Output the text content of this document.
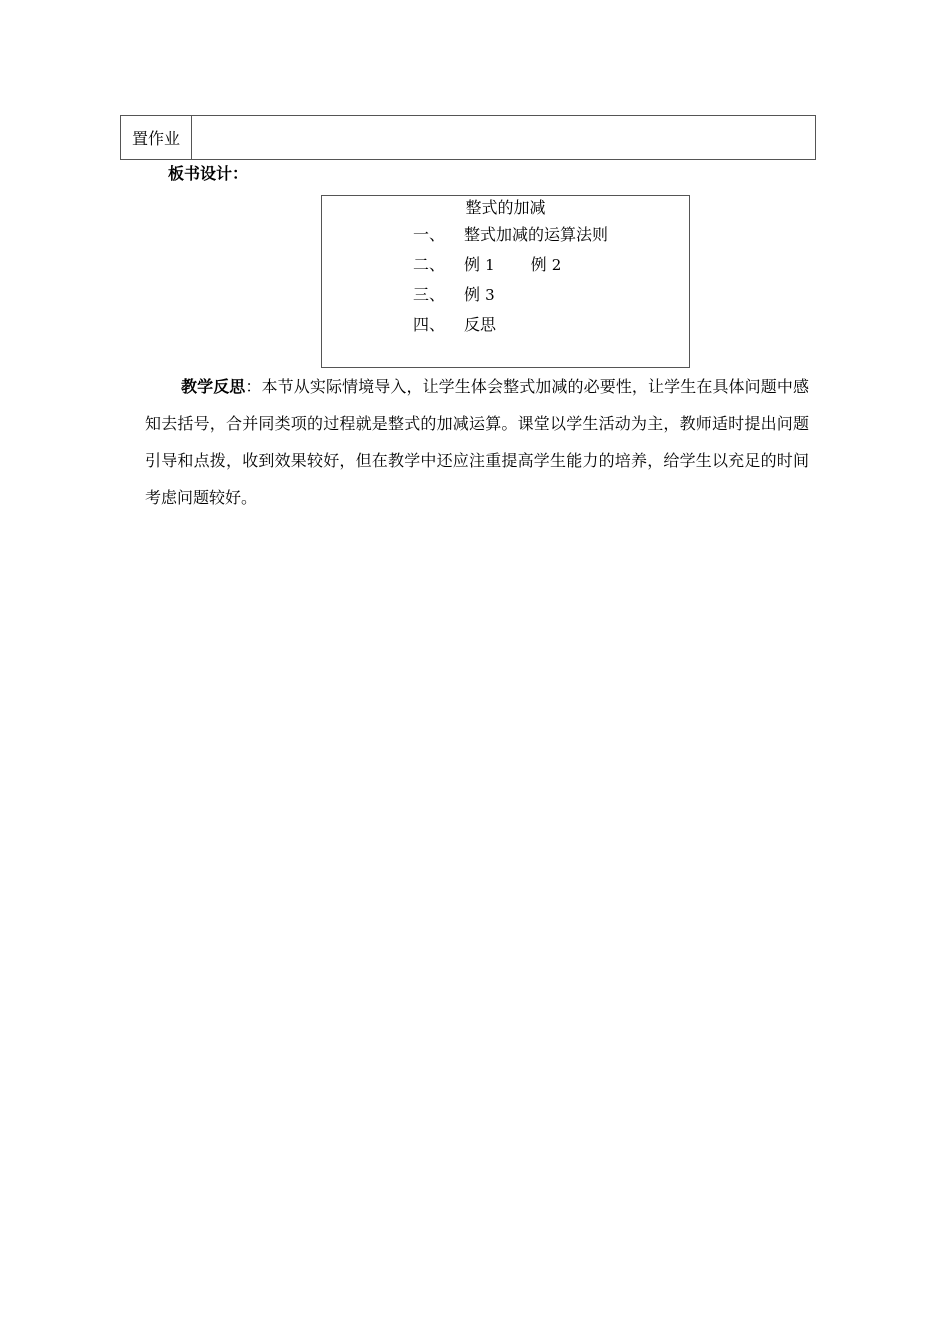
置作业
板书设计：
整式的加减
一、 整式加减的运算法则
二、 例 1 例 2
三、 例 3
四、 反思
教学反思：本节从实际情境导入，让学生体会整式加减的必要性，让学生在具体问题中感知去括号，合并同类项的过程就是整式的加减运算。课堂以学生活动为主，教师适时提出问题引导和点拨，收到效果较好，但在教学中还应注重提高学生能力的培养，给学生以充足的时间考虑问题较好。
